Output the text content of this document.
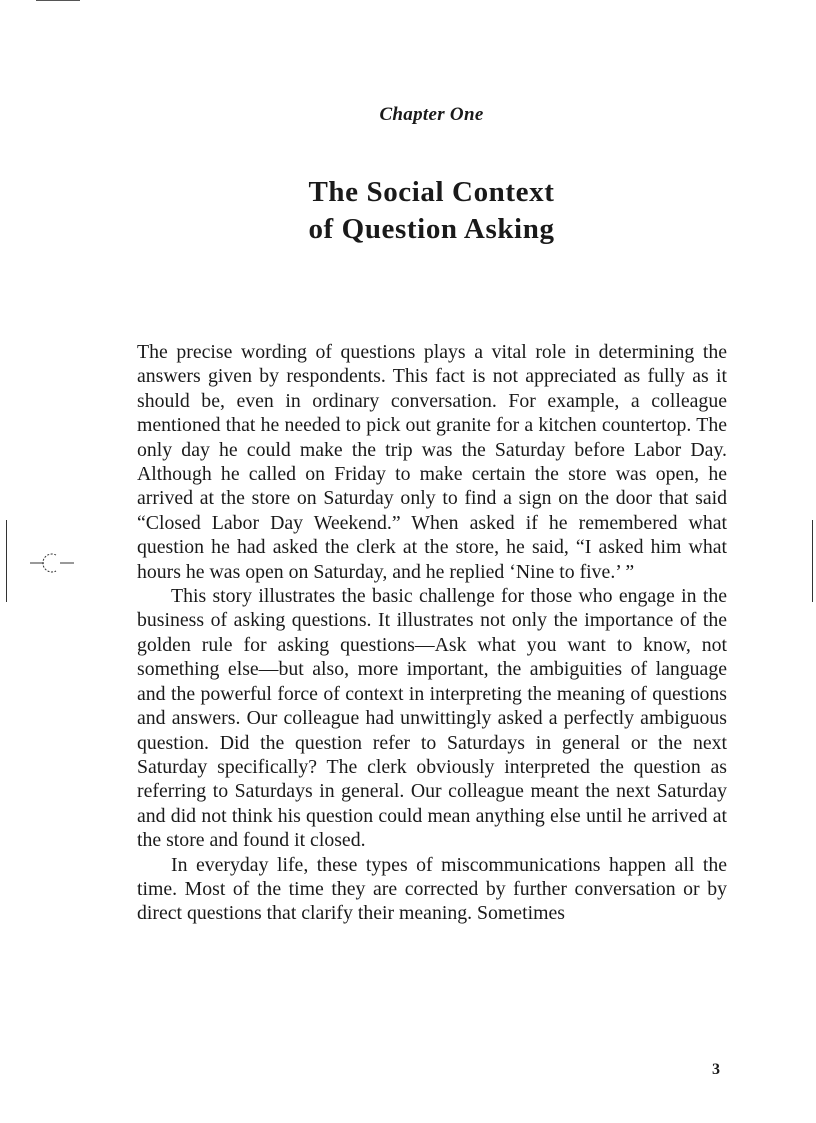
Chapter One
The Social Context
of Question Asking

The precise wording of questions plays a vital role in determining the answers given by respondents. This fact is not appreciated as fully as it should be, even in ordinary conversation. For example, a colleague mentioned that he needed to pick out granite for a kitchen countertop. The only day he could make the trip was the Saturday before Labor Day. Although he called on Friday to make certain the store was open, he arrived at the store on Saturday only to find a sign on the door that said “Closed Labor Day Weekend.” When asked if he remembered what question he had asked the clerk at the store, he said, “I asked him what hours he was open on Saturday, and he replied ‘Nine to five.’ ”

This story illustrates the basic challenge for those who engage in the business of asking questions. It illustrates not only the importance of the golden rule for asking questions—Ask what you want to know, not something else—but also, more important, the ambiguities of language and the powerful force of context in interpreting the meaning of questions and answers. Our colleague had unwittingly asked a perfectly ambiguous question. Did the question refer to Saturdays in general or the next Saturday specifically? The clerk obviously interpreted the question as referring to Saturdays in general. Our colleague meant the next Saturday and did not think his question could mean anything else until he arrived at the store and found it closed.

In everyday life, these types of miscommunications happen all the time. Most of the time they are corrected by further conversation or by direct questions that clarify their meaning. Sometimes

3
